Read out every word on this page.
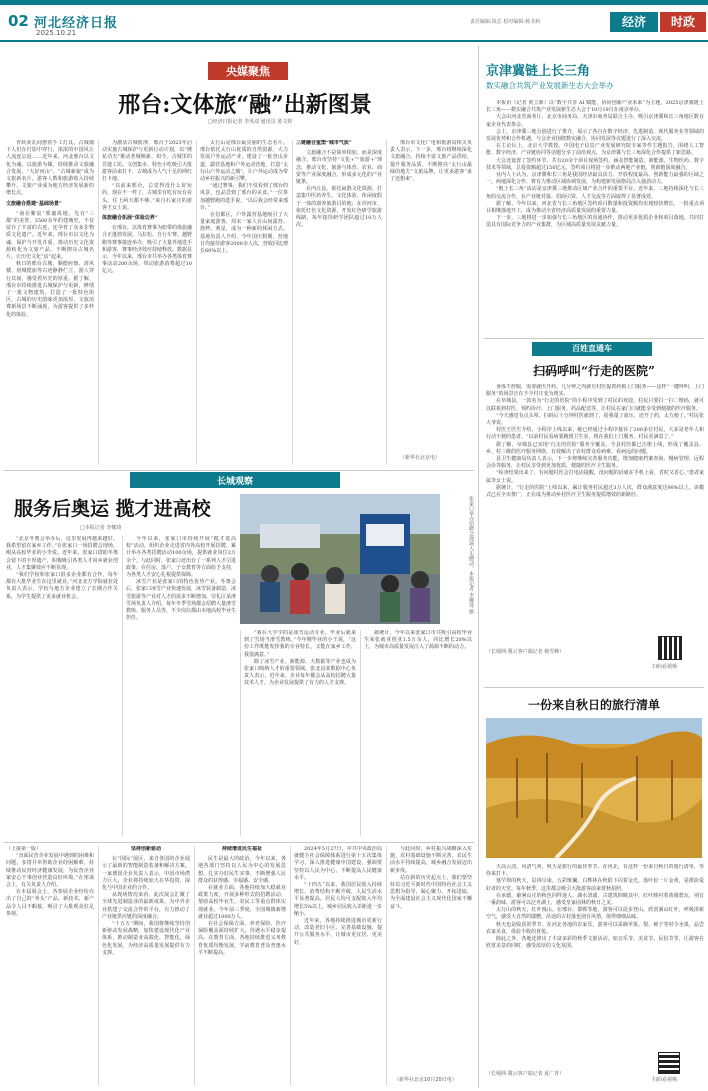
02 河北经济日报
2025.10.21
责任编辑:钱芯 校对编辑:杨书莉	经济	时政
央媒聚焦
邢台:文体旅“融”出新图景
□经济日报记者 李凤双 通讯员 蓝文婷

青砖灰瓦间摆着手工灯具，古城墙下人们在灯影中穿行，浓浓的中国风让人流连忘返……近年来，河北邢台以文化为魂、以旅游为媒，持续推动文旅融合发展，“大好河山”、“古城新貌”成为文旅新名片，游客人数和旅游收入持续攀升，文旅产业成为地方经济发展新的增长点。

文旅融合搭建“基础场景”

“南在紫宸”邢襄故地，先有“三都”的美誉。3500余年的建城史，不仅留存了丰富的古迹，还孕育了众多非物质文化遗产。近年来，邢台市以文化为魂，保护与开发并重，推动历史文化资源转化为文旅产品，不断擦亮古城名片，让历史文化“活”起来。

秋日的邢台古城，顺德府衙、清风楼、府城隍庙等古迹静静伫立，游人穿行其间，感受着历史的厚重。据了解，邢台市持续推进古城保护与更新，修缮了一批文物建筑，打造了一批特色街区，古城的历史韵味更加浓厚，文旅消费新场景不断涌现，为游客提供了多样化的体验。

为激活古城肌理，邢台于2023年启动实施古城保护与更新行动计划，以“绣花功夫”推动老城焕新。如今，古城里的非遗工坊、文创集市、特色小吃吸引大批游客前来打卡，古城成为人气十足的网红打卡地。

“以前来邢台，总觉得没什么好玩的，现在不一样了，古城里有吃有玩有看头，住上两天都不够。”来自石家庄的游客王女士说。

体旅融合拓展“体验边界”

在邢台，以体育赛事为纽带的体旅融合正蓬勃发展。马拉松、自行车赛、越野跑等赛事接连举办，吸引了大量外地选手和游客，赛事经济效应持续释放。数据显示，今年以来，邢台市共举办各类体育赛事活动200余场，带动旅游消费超过10亿元。

太行山是邢台最亮丽的生态名片。邢台依托太行山优质的自然资源，大力发展户外运动产业，建设了一批登山步道、露营基地和户外运动营地，打造“太行山户外运动之城”，让户外运动成为带动乡村振兴的新引擎。

“通过赛事，我们不仅看到了邢台的风景，也品尝到了邢台的美食。”一位参加越野跑的选手说，“以后我会经常来邢台。”

在信都区，户外露营基地吸引了大量家庭游客，周末一家人在山间露营、烧烤、观星，成为一种新的休闲方式。基地负责人介绍，今年国庆假期，营地日均接待游客2000余人次，营收同比增长60%以上。

三链融合重塑“城市气质”

文旅融合不是简单相加，而是深度融合。邢台市坚持“文化+”“旅游+”理念，推动文化、旅游与体育、农业、商贸等产业深度融合，形成多元化的产业链条。

在内丘县，依托扁鹊文化资源，打造集中医药养生、文化体验、休闲度假于一体的康养旅游目的地；在沙河市，依托红色文化资源，开发红色研学旅游线路，每年接待研学团队超过10万人次。

邢台市文化广电和旅游局相关负责人表示，下一步，邢台将继续深化文旅融合，持续丰富文旅产品供给，提升服务品质，不断擦亮“太行山最绿的地方”文旅品牌，让更多游客“来了还想来”。

（新华社北京电）
长城观察
服务后奥运 揽才进高校
□本报记者 李娜琦	张家口举办招聘会现场人头攒动。本报记者 李娜琦 摄

“北京冬奥会举办后，这里发展得越来越好，我希望留在家乡工作。”在张家口一场招聘会现场，刚从高校毕业的小李说。近年来，张家口借助冬奥会留下的丰厚遗产，积极吸引各类人才回乡就业创业，人才集聚效应不断显现。

“我们学校和张家口很多企业都有合作，每年都有大批毕业生在这里就业。”河北北方学院就业处负责人表示，学校与地方企业建立了长期合作关系，为学生提供了更多就业机会。

今年以来，张家口市持续开展“揽才进高校”活动，组织企业走进省内外高校开展招聘，累计举办各类招聘活动100余场，提供就业岗位2万余个。与此同时，张家口还出台了一系列人才引进政策，在住房、落户、子女教育等方面给予支持，为各类人才安心扎根提供保障。

冰雪产业是张家口的特色优势产业。冬奥会后，张家口冰雪产业快速发展，冰雪装备制造、冰雪旅游等产业对人才的需求不断增加。崇礼区某滑雪场负责人介绍，每年冬季雪场都会招聘大量滑雪教练、服务人员等，不少岗位都由本地高校毕业生担任。

“我在大学学的是冰雪运动专业，毕业后就来到了雪场当滑雪教练。”今年刚毕业的小王说，“这份工作既能发挥我的专业特长，又能在家乡工作，我很满意。”

除了冰雪产业，新能源、大数据等产业也成为张家口吸纳人才的重要领域。张北县某数据中心负责人表示，近年来，企业每年都会从高校招聘大量技术人才，为企业发展提供了有力的人才支撑。

据统计，今年以来张家口市共吸引高校毕业生来张就业创业1.5万余人，同比增长20%以上，为城市高质量发展注入了源源不断的动力。

（上接第一版）

“直面民营企业发展中遇到的困难和问题，多措并举帮助企业纾困解难，持续推动民营经济健康发展，为民营企业家安心干事创业营造良好环境。”在座谈会上，有关负责人介绍。

在本届展会上，各参展企业纷纷亮出了自己的“拳头”产品，新技术、新产品令人目不暇接，吸引了大批观众驻足参观。

坚持创新驱动

在“国际”展区，来自各国的企业展示了最新的智能制造装备和解决方案。一家德国企业负责人表示，中国市场潜力巨大，企业将持续加大在华投资，深化与中国企业的合作。

从现场情况来看，此次展会汇聚了全球先进制造业的最新成果，为中外企业搭建了交流合作的平台，有力推动了产业链供应链的深度融合。

“十五五”期间，我国将继续坚持创新驱动发展战略，加快建设现代化产业体系，推动制造业高端化、智能化、绿色化发展，为经济高质量发展提供有力支撑。

持续增进民生福祉

民生是最大的政治。今年以来，各地各部门坚持以人民为中心的发展思想，扎实办好民生实事，不断增强人民群众的获得感、幸福感、安全感。

在就业方面，各地持续加大稳就业政策力度，开展多种形式的招聘活动，帮助高校毕业生、农民工等重点群体实现就业。今年前三季度，全国城镇新增就业超过1000万人。

在社会保障方面，养老保险、医疗保险覆盖面持续扩大，待遇水平稳步提高。在教育方面，各地持续推进义务教育优质均衡发展，学前教育普及普惠水平不断提高。

2024年5月27日，中共中央政治局就健全社会保障体系进行第十五次集体学习，深入推进健康中国建设，强调要坚持以人民为中心，不断提高人民健康水平。

“十四五”以来，我国居民收入持续增长，消费结构不断升级，人民生活水平显著提高。居民人均可支配收入年均增长5%以上，城乡居民收入差距进一步缩小。

近年来，各地持续推进城市更新行动，改造老旧小区、完善基础设施、提升公共服务水平，让城市更宜居、更美好。

与此同时，乡村振兴战略深入实施，农村基础设施不断完善，农民生活水平持续提高，城乡融合发展迈出新步伐。

站在新的历史起点上，我们要坚持以习近平新时代中国特色社会主义思想为指导，凝心聚力、开拓进取，为全面建设社会主义现代化国家不懈奋斗。

（新华社北京10月20日电）
京津冀链上长三角
数实融合共筑产业发展新生态大会举办

本报讯（记者 黄立新）以“数字共享 AI 赋能，协同创新产业未来”为主题，2025京津冀链上长三角——数实融合共筑产业发展新生态大会于10月19日在南京举办。

大会由河北省商务厅、北京市商务局、天津市商务局联合主办，吸引京津冀和长三角地区数百家企业代表参会。

会上，京津冀三地分别进行了推介，展示了各自在数字经济、先进制造、现代服务业等领域的发展优势和合作机遇，与会企业围绕数实融合、协同发展等议题进行了深入交流。

在主论坛上，北京大学教授、中国电子信息产业发展研究院专家等作主题报告，围绕人工智能、数字经济、产业链协同等话题分享了前沿观点，为京津冀与长三角深化合作提供了新思路。

大会还设置了签约环节，共有20余个项目现场签约，涵盖智能制造、新能源、生物医药、数字技术等领域，总投资额超过150亿元，签约项目将进一步推动两地产业链、创新链深度融合。

业内人士认为，京津冀和长三角是我国经济最具活力、开放程度最高、创新能力最强的区域之一，两地深化合作，将有力推动区域协调发展，为构建新发展格局注入强劲动力。

“链上长三角”活动是京津冀三地推动区域产业合作的重要平台。近年来，三地持续深化与长三角的交流合作，在产业链对接、招商引资、人才交流等方面取得了显著成效。

据了解，今年以来，河北省与长三角地区签约项目数量和投资额均实现较快增长，一批重点项目相继落地开工，成为推动全省经济高质量发展的重要力量。

下一步，三地将进一步加强与长三角地区的沟通协作，推动更多优质企业和项目落地，共同打造具有国际竞争力的产业集群，为区域高质量发展贡献力量。

百姓直通车
扫码呼叫“行走的医院”

身体不舒服，需要就医开药，几分钟之内就有村医提着药箱上门服务——这样“一键呼叫、上门服务”的场景正在不少村庄变为现实。

在阜城县，一款名为“行走的医院”的小程序受到了村民的欢迎。村民只要扫一扫二维码，就可以联系到村医，预约诊疗、上门服务、药品配送等，让村民在家门口就能享受到便捷的医疗服务。

“今天感觉有点头晕，扫码后十分钟村医就到了，给我量了血压，还开了药，太方便了。”村民张大爷说。

村医王医生介绍，小程序上线以来，她已经通过小程序接诊了200多位村民，大多是老年人和行动不便的患者。“以前村民看病要跑到卫生室，现在我们上门服务，村民更满意了。”

据了解，阜城县已实现“行走的医院”服务全覆盖，全县村医都已注册上线，形成了覆盖县、乡、村三级的医疗服务网络，有效解决了农村群众看病难、看病远的问题。

县卫生健康局负责人表示，下一步将继续完善服务功能，增加健康档案查询、慢病管理、远程会诊等服务，让村民享受到更加优质、便捷的医疗卫生服务。

“检查结果出来了，有问题村医会打电话提醒，没问题的话就在手机上看，省时又省心。”患者家属李女士说。

据统计，“行走的医院”上线以来，累计服务村民超过3万人次，群众满意度达98%以上。该模式已在全市推广，正在成为推动乡村医疗卫生服务提质增效的新路径。

（长城网·冀云客户端记者 杨雪峰）
扫码看视频
一份来自秋日的旅行清单

天高云淡，风清气爽，秋天是旅行的最佳季节。在河北，有这样一份来自秋日的旅行清单，等你来打卡。

塞罕坝的秋天，层林尽染，五彩斑斓。白桦林在秋阳下闪着金光，落叶松一片金黄，是摄影爱好者的天堂。每年秋季，这里都会吸引大批游客前来赏秋拍照。

在承德，避暑山庄的秋色同样迷人。湖水清澈，古建筑倒映其中，红叶映衬着黄墙碧瓦，别有一番韵味。游客可以泛舟湖上，感受皇家园林的秋日之美。

太行山的秋天，红叶漫山。在邢台、邯郸等地，游客可以徒步登山，欣赏满山红叶，呼吸清新空气，感受大自然的馈赠。沿途的古村落也别有风情，值得细细品味。

秋天也是收获的季节。在河北各地的农家乐，游客可以采摘苹果、梨、柿子等时令水果，品尝农家美食，体验丰收的喜悦。

除此之外，各地还推出了丰富多彩的秋季文旅活动，如音乐节、美食节、民俗节等，让游客在欣赏美景的同时，感受浓厚的文化氛围。

（长城网·冀云客户端记者 夏广青）
扫码看视频
